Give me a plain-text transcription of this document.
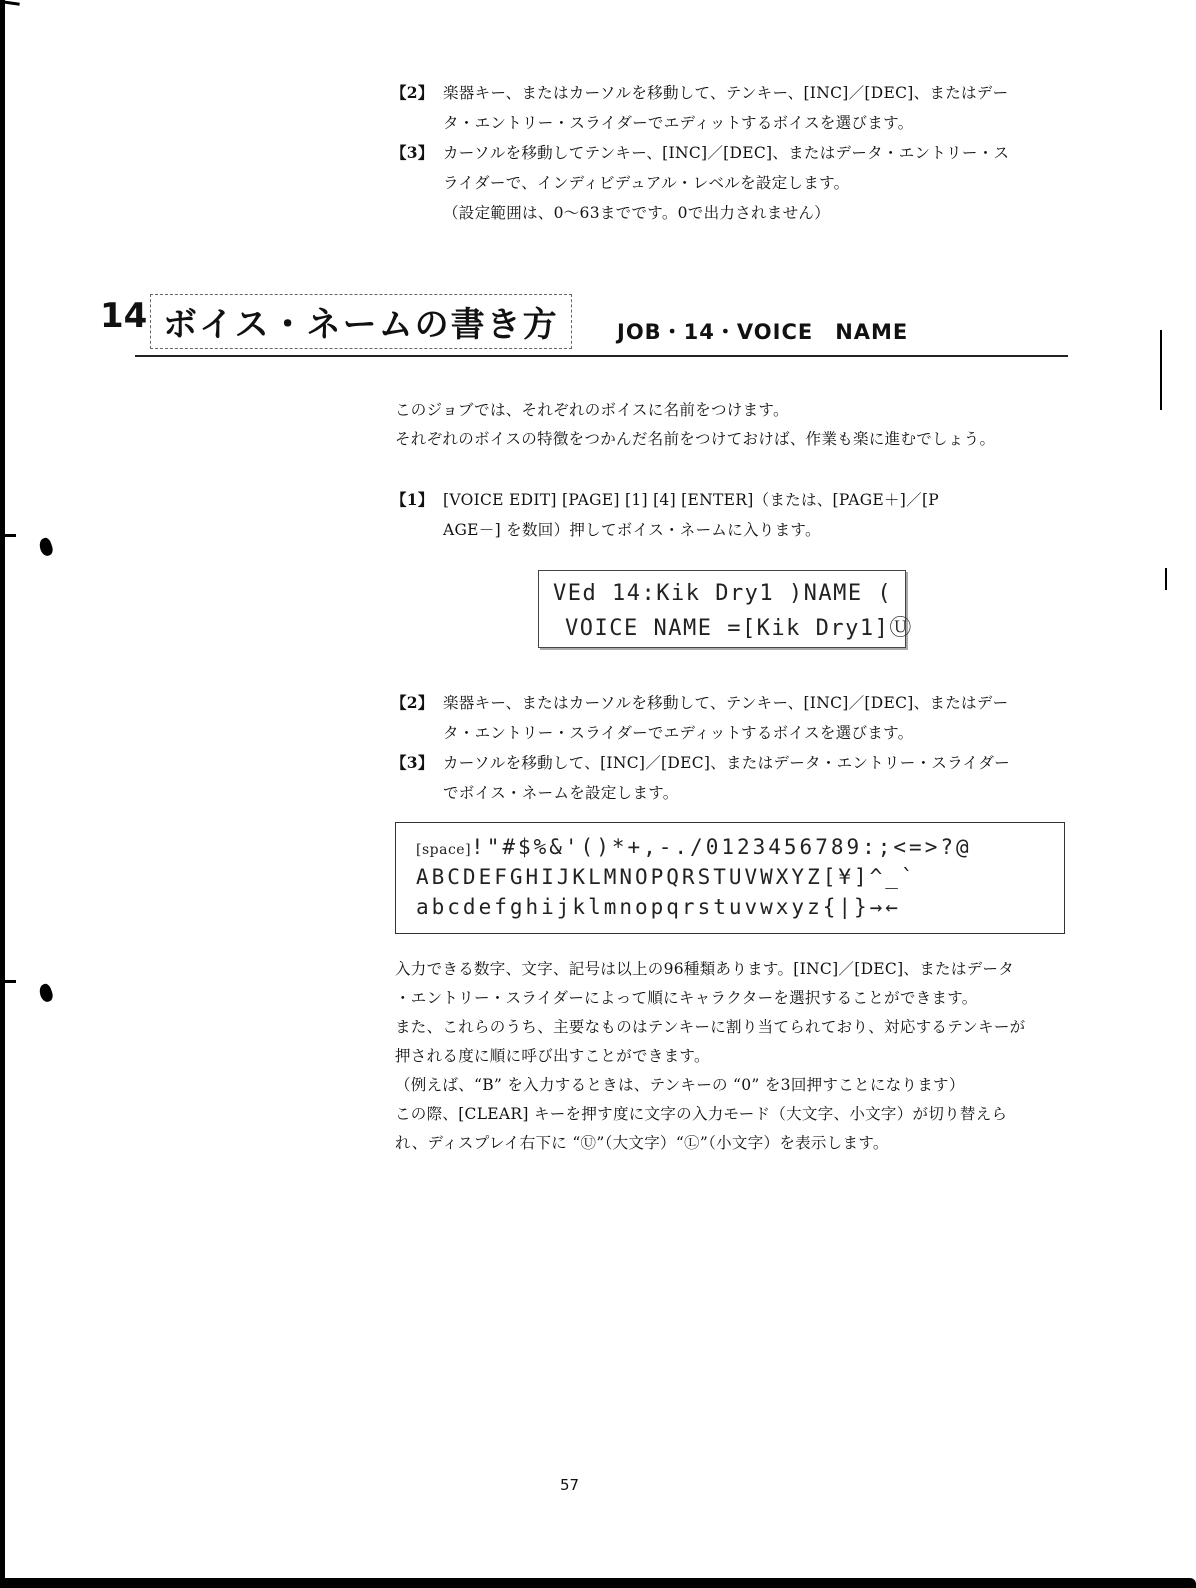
【2】 楽器キー、またはカーソルを移動して、テンキー、[INC]／[DEC]、またはデー
タ・エントリー・スライダーでエディットするボイスを選びます。
【3】 カーソルを移動してテンキー、[INC]／[DEC]、またはデータ・エントリー・ス
ライダーで、インディビデュアル・レベルを設定します。
（設定範囲は、0～63までです。0で出力されません）
14 ボイス・ネームの書き方	JOB・14・VOICE　NAME
このジョブでは、それぞれのボイスに名前をつけます。
それぞれのボイスの特徴をつかんだ名前をつけておけば、作業も楽に進むでしょう。
【1】 [VOICE EDIT] [PAGE] [1] [4] [ENTER]（または、[PAGE＋]／[P
AGE－] を数回）押してボイス・ネームに入ります。
VEd 14:Kik Dry1 )NAME (
VOICE NAME =[Kik Dry1]Ⓤ
【2】 楽器キー、またはカーソルを移動して、テンキー、[INC]／[DEC]、またはデー
タ・エントリー・スライダーでエディットするボイスを選びます。
【3】 カーソルを移動して、[INC]／[DEC]、またはデータ・エントリー・スライダー
でボイス・ネームを設定します。
[space]!"#$%&'()*+,-./0123456789:;<=>?@
ABCDEFGHIJKLMNOPQRSTUVWXYZ[¥]^_`
abcdefghijklmnopqrstuvwxyz{|}→←
入力できる数字、文字、記号は以上の96種類あります。[INC]／[DEC]、またはデータ
・エントリー・スライダーによって順にキャラクターを選択することができます。
また、これらのうち、主要なものはテンキーに割り当てられており、対応するテンキーが
押される度に順に呼び出すことができます。
（例えば、“B” を入力するときは、テンキーの “0” を3回押すことになります）
この際、[CLEAR] キーを押す度に文字の入力モード（大文字、小文字）が切り替えら
れ、ディスプレイ右下に “Ⓤ”（大文字）“Ⓛ”（小文字）を表示します。
57
